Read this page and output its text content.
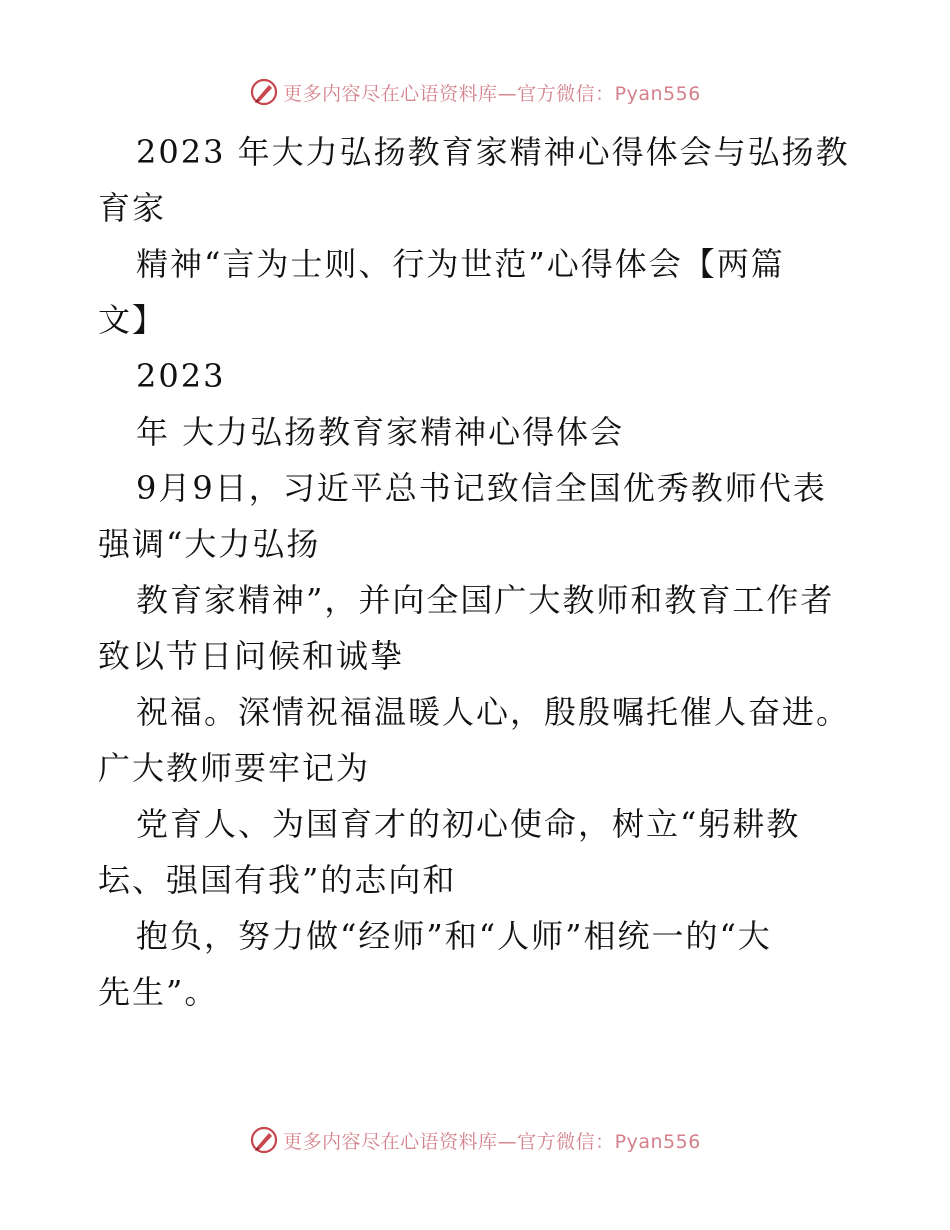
更多内容尽在心语资料库—官方微信：Pyan556
2023 年大力弘扬教育家精神心得体会与弘扬教
育家
精神“言为士则、行为世范”心得体会【两篇
文】
2023
年 大力弘扬教育家精神心得体会
9月9日，习近平总书记致信全国优秀教师代表
强调“大力弘扬
教育家精神”，并向全国广大教师和教育工作者
致以节日问候和诚挚
祝福。深情祝福温暖人心，殷殷嘱托催人奋进。
广大教师要牢记为
党育人、为国育才的初心使命，树立“躬耕教
坛、强国有我”的志向和
抱负，努力做“经师”和“人师”相统一的“大
先生”。
更多内容尽在心语资料库—官方微信：Pyan556
